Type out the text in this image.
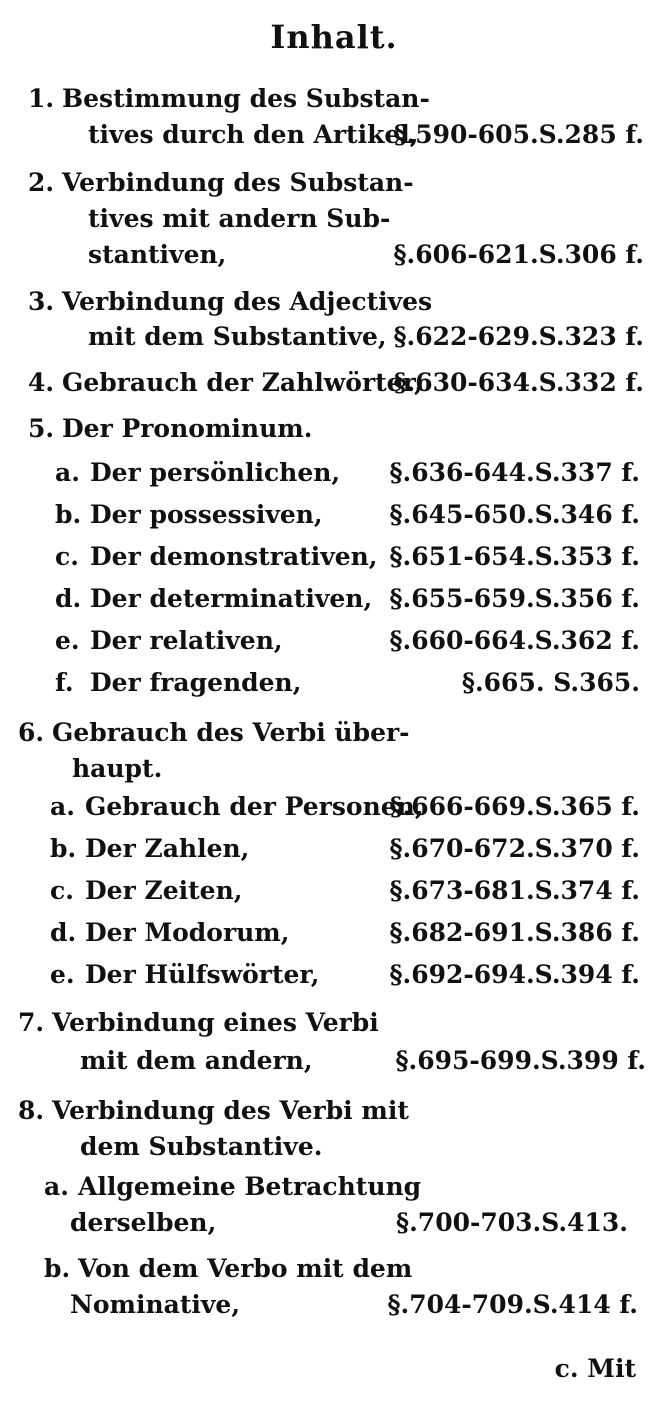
Inhalt.
1. Bestimmung des Substan-
tives durch den Artikel,
§.590-605.S.285 f.
2. Verbindung des Substan-
tives mit andern Sub-
stantiven,	§.606-621.S.306 f.
3. Verbindung des Adjectives
mit dem Substantive, §.622-629.S.323 f.
4. Gebrauch der Zahlwörter,
§.630-634.S.332 f.
5. Der Pronominum.
a. Der persönlichen, §.636-644.S.337 f.
b. Der possessiven,	§.645-650.S.346 f.
c. Der demonstrativen, §.651-654.S.353 f.
d. Der determinativen, §.655-659.S.356 f.
e. Der relativen,	§.660-664.S.362 f.
f. Der fragenden,	§.665. S.365.
6. Gebrauch des Verbi über-
haupt.
a. Gebrauch der Personen,
§.666-669.S.365 f.
b. Der Zahlen,	§.670-672.S.370 f.
c. Der Zeiten,	§.673-681.S.374 f.
d. Der Modorum,	§.682-691.S.386 f.
e. Der Hülfswörter,	§.692-694.S.394 f.
7. Verbindung eines Verbi
mit dem andern,	§.695-699.S.399 f.
8. Verbindung des Verbi mit
dem Substantive.
a. Allgemeine Betrachtung
derselben,	§.700-703.S.413.
b. Von dem Verbo mit dem
Nominative,	§.704-709.S.414 f.
c. Mit
